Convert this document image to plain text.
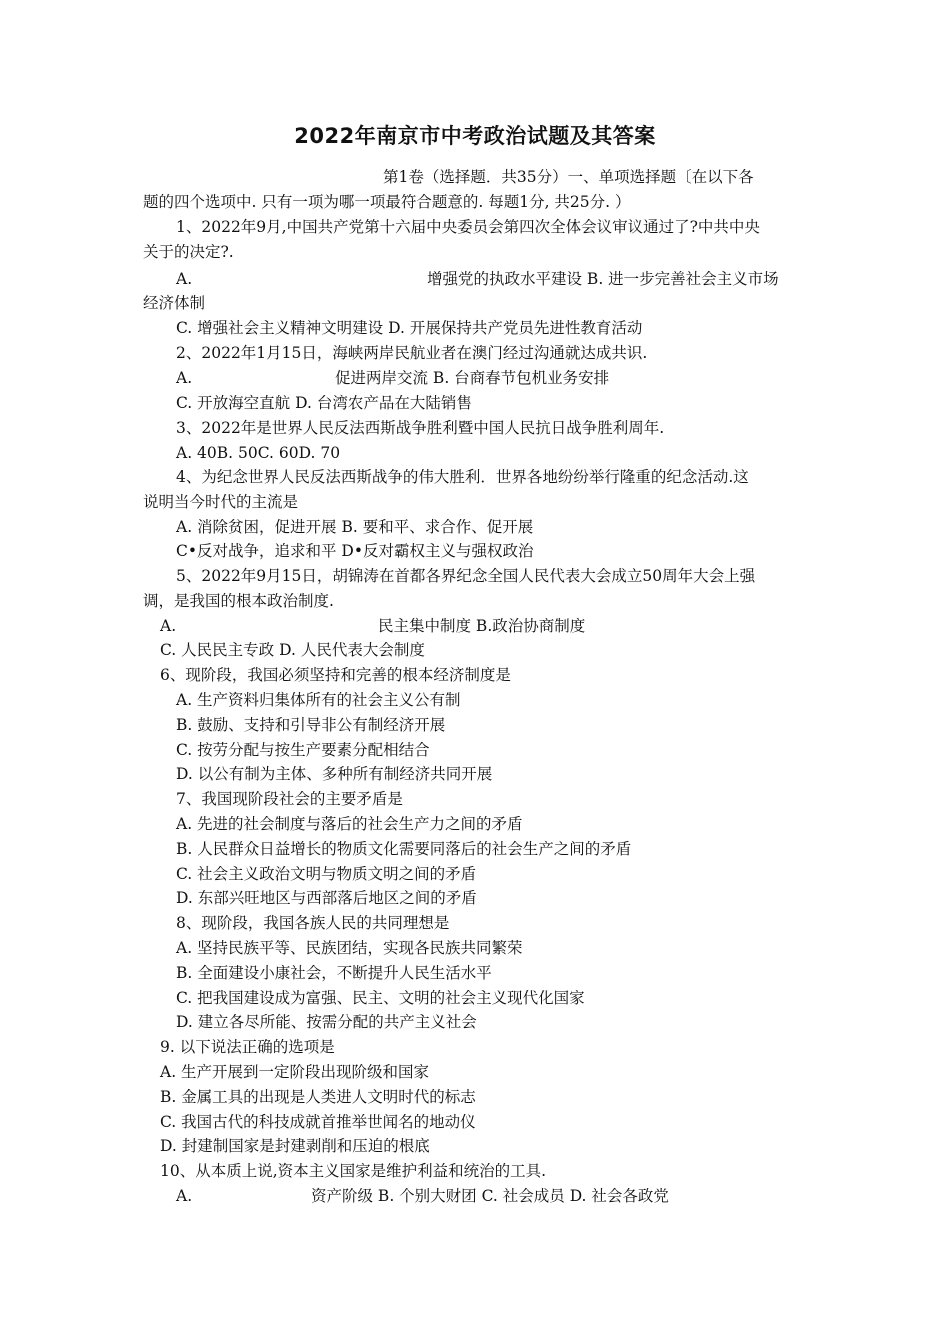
2022年南京市中考政治试题及其答案
第1卷（选择题．共35分）一、单项选择题〔在以下各
题的四个选项中. 只有一项为哪一项最符合题意的. 每题1分, 共25分. ）
1、2022年9月,中国共产党第十六届中央委员会第四次全体会议审议通过了?中共中央
关于的决定?.
A.	增强党的执政水平建设 B. 进一步完善社会主义市场
经济体制
C. 增强社会主义精神文明建设 D. 开展保持共产党员先进性教育活动
2、2022年1月15日，海峡两岸民航业者在澳门经过沟通就达成共识.
A.	促进两岸交流 B. 台商春节包机业务安排
C. 开放海空直航 D. 台湾农产品在大陆销售
3、2022年是世界人民反法西斯战争胜利暨中国人民抗日战争胜利周年.
A. 40B. 50C. 60D. 70
4、为纪念世界人民反法西斯战争的伟大胜利．世界各地纷纷举行隆重的纪念活动.这
说明当今时代的主流是
A. 消除贫困，促进开展 B. 要和平、求合作、促开展
C•反对战争，追求和平 D•反对霸权主义与强权政治
5、2022年9月15日，胡锦涛在首都各界纪念全国人民代表大会成立50周年大会上强
调，是我国的根本政治制度.
A.	民主集中制度 B.政治协商制度
C. 人民民主专政 D. 人民代表大会制度
6、现阶段，我国必须坚持和完善的根本经济制度是
A. 生产资料归集体所有的社会主义公有制
B. 鼓励、支持和引导非公有制经济开展
C. 按劳分配与按生产要素分配相结合
D. 以公有制为主体、多种所有制经济共同开展
7、我国现阶段社会的主要矛盾是
A. 先进的社会制度与落后的社会生产力之间的矛盾
B. 人民群众日益增长的物质文化需要同落后的社会生产之间的矛盾
C. 社会主义政治文明与物质文明之间的矛盾
D. 东部兴旺地区与西部落后地区之间的矛盾
8、现阶段，我国各族人民的共同理想是
A. 坚持民族平等、民族团结，实现各民族共同繁荣
B. 全面建设小康社会，不断提升人民生活水平
C. 把我国建设成为富强、民主、文明的社会主义现代化国家
D. 建立各尽所能、按需分配的共产主义社会
9. 以下说法正确的选项是
A. 生产开展到一定阶段出现阶级和国家
B. 金属工具的出现是人类进人文明时代的标志
C. 我国古代的科技成就首推举世闻名的地动仪
D. 封建制国家是封建剥削和压迫的根底
10、从本质上说,资本主义国家是维护利益和统治的工具.
A.	资产阶级 B. 个别大财团 C. 社会成员 D. 社会各政党
